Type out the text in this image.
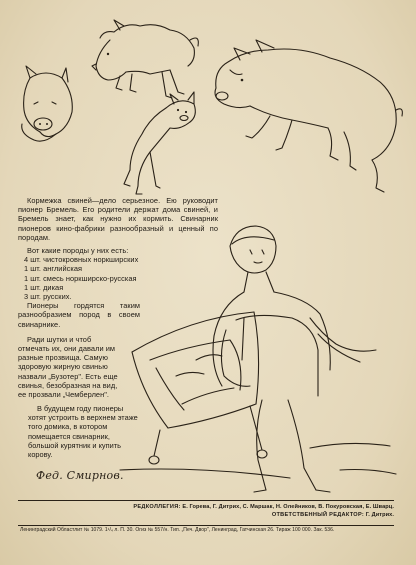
Кормежка свиней—дело серьезное. Ею руководит пионер Бремель. Его родители держат дома свиней, и Бремель знает, как нужно их кормить. Свинарник пионеров кино-фабрики разнообразный и ценный по породам.

Вот какие породы у них есть:

4 шт. чистокровных норкширских
1 шт. английская
1 шт. смесь норкширско-русская
1 шт. дикая
3 шт. русских.

Пионеры гордятся таким разнообразием пород в своем свинарнике.

Ради шутки и чтоб отмечать их, они давали им разные прозвища. Самую здоровую жирную свинью назвали „Бузотер". Есть еще свинья, безобразная на вид, ее прозвали „Чемберлен".

В будущем году пионеры хотят устроить в верхнем этаже того домика, в котором помещается свинарник, большой курятник и купить корову.

Фед. Смирнов.
РЕДКОЛЛЕГИЯ: Е. Горева, Г. Дитрих, С. Маршак, Н. Олейников, В. Покуровская, Е. Шварц.
ОТВЕТСТВЕННЫЙ РЕДАКТОР: Г. Дитрих.
Ленинградский Областлит № 1079. 1¹/₄ л. П. 30. Огиз № 557/н. Тип. „Печ. Двор", Ленинград, Гатчинская 26. Тираж 100 000. Зак. 536.
